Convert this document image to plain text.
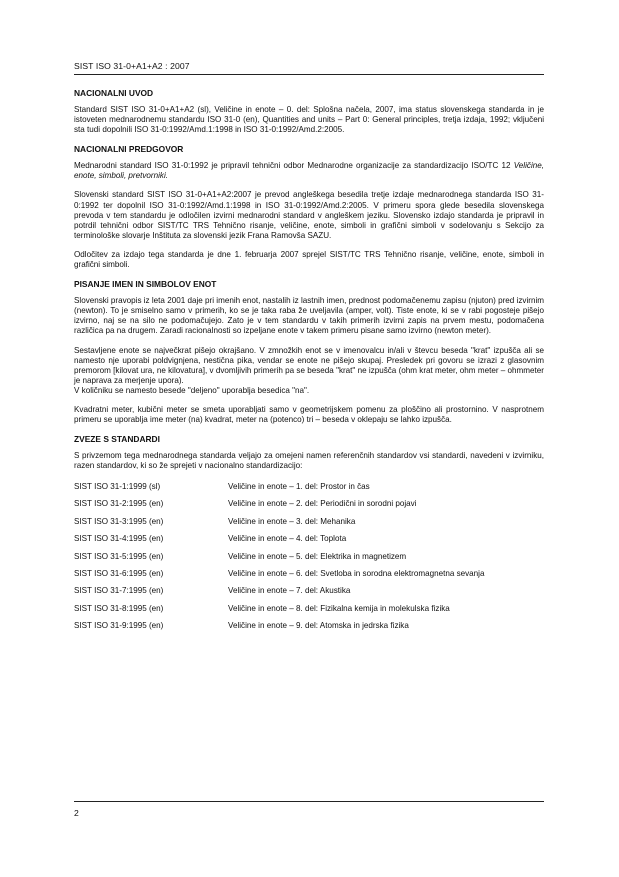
SIST ISO 31-0+A1+A2 : 2007
NACIONALNI UVOD

Standard SIST ISO 31-0+A1+A2 (sl), Veličine in enote – 0. del: Splošna načela, 2007, ima status slovenskega standarda in je istoveten mednarodnemu standardu ISO 31-0 (en), Quantities and units – Part 0: General principles, tretja izdaja, 1992; vključeni sta tudi dopolnili ISO 31-0:1992/Amd.1:1998 in ISO 31-0:1992/Amd.2:2005.

NACIONALNI PREDGOVOR

Mednarodni standard ISO 31-0:1992 je pripravil tehnični odbor Mednarodne organizacije za standardizacijo ISO/TC 12 Veličine, enote, simboli, pretvorniki.

Slovenski standard SIST ISO 31-0+A1+A2:2007 je prevod angleškega besedila tretje izdaje mednarodnega standarda ISO 31-0:1992 ter dopolnil ISO 31-0:1992/Amd.1:1998 in ISO 31-0:1992/Amd.2:2005. V primeru spora glede besedila slovenskega prevoda v tem standardu je odločilen izvirni mednarodni standard v angleškem jeziku. Slovensko izdajo standarda je pripravil in potrdil tehnični odbor SIST/TC TRS Tehnično risanje, veličine, enote, simboli in grafični simboli v sodelovanju s Sekcijo za terminološke slovarje Inštituta za slovenski jezik Frana Ramovša SAZU.

Odločitev za izdajo tega standarda je dne 1. februarja 2007 sprejel SIST/TC TRS Tehnično risanje, veličine, enote, simboli in grafični simboli.

PISANJE IMEN IN SIMBOLOV ENOT

Slovenski pravopis iz leta 2001 daje pri imenih enot, nastalih iz lastnih imen, prednost podomačenemu zapisu (njuton) pred izvirnim (newton). To je smiselno samo v primerih, ko se je taka raba že uveljavila (amper, volt). Tiste enote, ki se v rabi pogosteje pišejo izvirno, naj se na silo ne podomačujejo. Zato je v tem standardu v takih primerih izvirni zapis na prvem mestu, podomačena različica pa na drugem. Zaradi racionalnosti so izpeljane enote v takem primeru pisane samo izvirno (newton meter).

Sestavljene enote se največkrat pišejo okrajšano. V zmnožkih enot se v imenovalcu in/ali v števcu beseda "krat" izpušča ali se namesto nje uporabi poldvignjena, nestična pika, vendar se enote ne pišejo skupaj. Presledek pri govoru se izrazi z glasovnim premorom [kilovat ura, ne kilovatura], v dvomljivih primerih pa se beseda "krat" ne izpušča (ohm krat meter, ohm meter – ohmmeter je naprava za merjenje upora).

V količniku se namesto besede "deljeno" uporablja besedica "na".

Kvadratni meter, kubični meter se smeta uporabljati samo v geometrijskem pomenu za ploščino ali prostornino. V nasprotnem primeru se uporablja ime meter (na) kvadrat, meter na (potenco) tri – beseda v oklepaju se lahko izpušča.

ZVEZE S STANDARDI

S privzemom tega mednarodnega standarda veljajo za omejeni namen referenčnih standardov vsi standardi, navedeni v izvirniku, razen standardov, ki so že sprejeti v nacionalno standardizacijo:

SIST ISO 31-1:1999 (sl)	Veličine in enote – 1. del: Prostor in čas
SIST ISO 31-2:1995 (en)	Veličine in enote – 2. del: Periodični in sorodni pojavi
SIST ISO 31-3:1995 (en)	Veličine in enote – 3. del: Mehanika
SIST ISO 31-4:1995 (en)	Veličine in enote – 4. del: Toplota
SIST ISO 31-5:1995 (en)	Veličine in enote – 5. del: Elektrika in magnetizem
SIST ISO 31-6:1995 (en)	Veličine in enote – 6. del: Svetloba in sorodna elektromagnetna sevanja
SIST ISO 31-7:1995 (en)	Veličine in enote – 7. del: Akustika
SIST ISO 31-8:1995 (en)	Veličine in enote – 8. del: Fizikalna kemija in molekulska fizika
SIST ISO 31-9:1995 (en)	Veličine in enote – 9. del: Atomska in jedrska fizika
2
